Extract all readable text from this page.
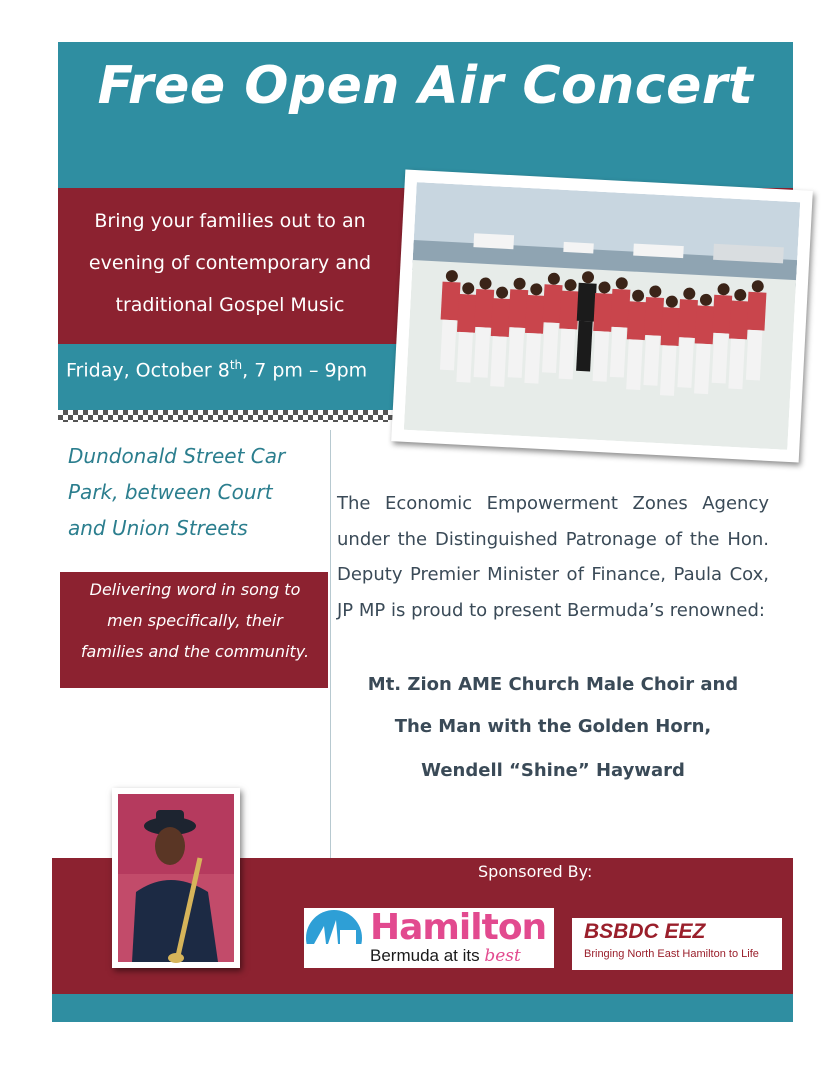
Free Open Air Concert
Bring your families out to an
evening of contemporary and
traditional Gospel Music
Friday, October 8th, 7 pm – 9pm
Dundonald Street Car
Park, between Court
and Union Streets
Delivering word in song to
men specifically, their
families and the community.
The Economic Empowerment Zones Agency under the Distinguished Patronage of the Hon. Deputy Premier Minister of Finance, Paula Cox, JP MP is proud to present Bermuda’s renowned:
Mt. Zion AME Church Male Choir and
The Man with the Golden Horn,
Wendell “Shine” Hayward
Sponsored By:
Hamilton
Bermuda at its best
BSBDC EEZ
Bringing North East Hamilton to Life
